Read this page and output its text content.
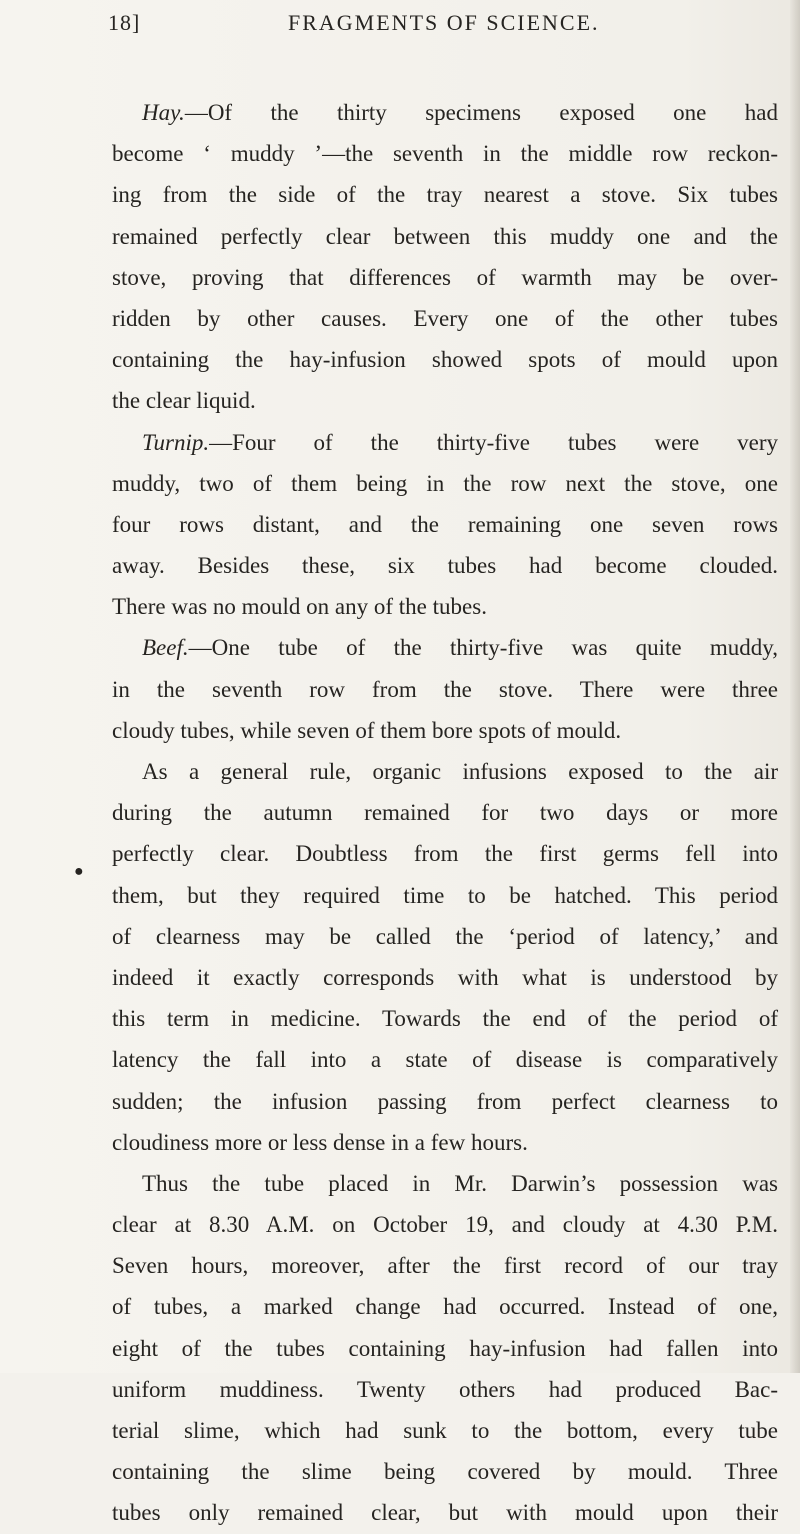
18]	FRAGMENTS OF SCIENCE.
●
Hay.—Of the thirty specimens exposed one had
become ‘ muddy ’—the seventh in the middle row reckon-
ing from the side of the tray nearest a stove. Six tubes
remained perfectly clear between this muddy one and the
stove, proving that differences of warmth may be over-
ridden by other causes. Every one of the other tubes
containing the hay-infusion showed spots of mould upon
the clear liquid.
Turnip.—Four of the thirty-five tubes were very
muddy, two of them being in the row next the stove, one
four rows distant, and the remaining one seven rows
away. Besides these, six tubes had become clouded.
There was no mould on any of the tubes.
Beef.—One tube of the thirty-five was quite muddy,
in the seventh row from the stove. There were three
cloudy tubes, while seven of them bore spots of mould.
As a general rule, organic infusions exposed to the air
during the autumn remained for two days or more
perfectly clear. Doubtless from the first germs fell into
them, but they required time to be hatched. This period
of clearness may be called the ‘period of latency,’ and
indeed it exactly corresponds with what is understood by
this term in medicine. Towards the end of the period of
latency the fall into a state of disease is comparatively
sudden; the infusion passing from perfect clearness to
cloudiness more or less dense in a few hours.
Thus the tube placed in Mr. Darwin’s possession was
clear at 8.30 A.M. on October 19, and cloudy at 4.30 P.M.
Seven hours, moreover, after the first record of our tray
of tubes, a marked change had occurred. Instead of one,
eight of the tubes containing hay-infusion had fallen into
uniform muddiness. Twenty others had produced Bac-
terial slime, which had sunk to the bottom, every tube
containing the slime being covered by mould. Three
tubes only remained clear, but with mould upon their
